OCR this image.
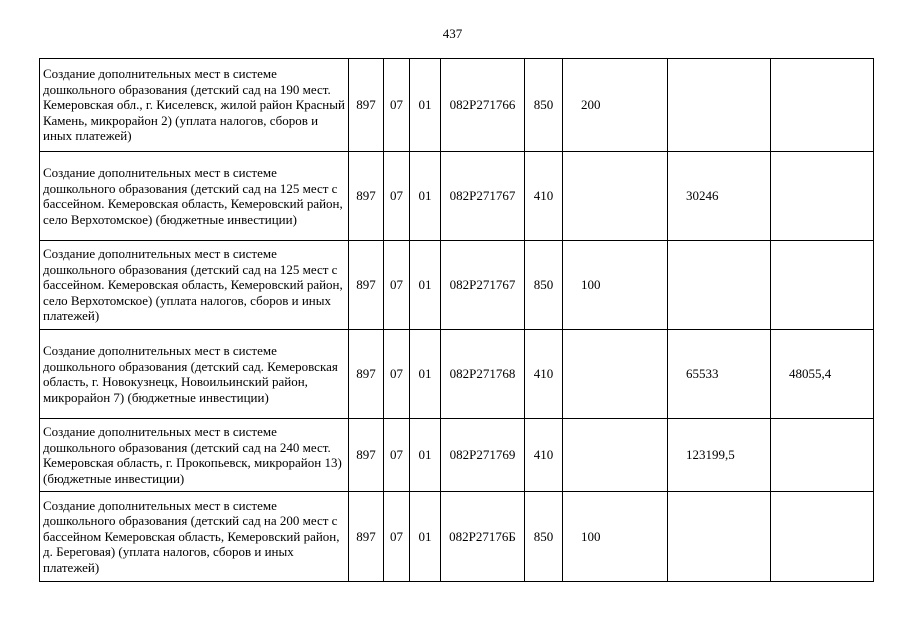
437
Создание дополнительных мест в системе дошкольного образования (детский сад на 190 мест. Кемеровская обл., г. Киселевск, жилой район Красный Камень, микрорайон 2) (уплата налогов, сборов и иных платежей)	897	07	01	082P271766	850	200		
Создание дополнительных мест в системе дошкольного образования (детский сад на 125 мест с бассейном. Кемеровская область, Кемеровский район, село Верхотомское) (бюджетные инвестиции)	897	07	01	082P271767	410		30246	
Создание дополнительных мест в системе дошкольного образования (детский сад на 125 мест с бассейном. Кемеровская область, Кемеровский район, село Верхотомское) (уплата налогов, сборов и иных платежей)	897	07	01	082P271767	850	100		
Создание дополнительных мест в системе дошкольного образования (детский сад. Кемеровская область, г. Новокузнецк, Новоильинский район, микрорайон 7) (бюджетные инвестиции)	897	07	01	082P271768	410		65533	48055,4
Создание дополнительных мест в системе дошкольного образования (детский сад на 240 мест. Кемеровская область, г. Прокопьевск, микрорайон 13) (бюджетные инвестиции)	897	07	01	082P271769	410		123199,5	
Создание дополнительных мест в системе дошкольного образования (детский сад на 200 мест с бассейном Кемеровская область, Кемеровский район, д. Береговая) (уплата налогов, сборов и иных платежей)	897	07	01	082P27176Б	850	100		
